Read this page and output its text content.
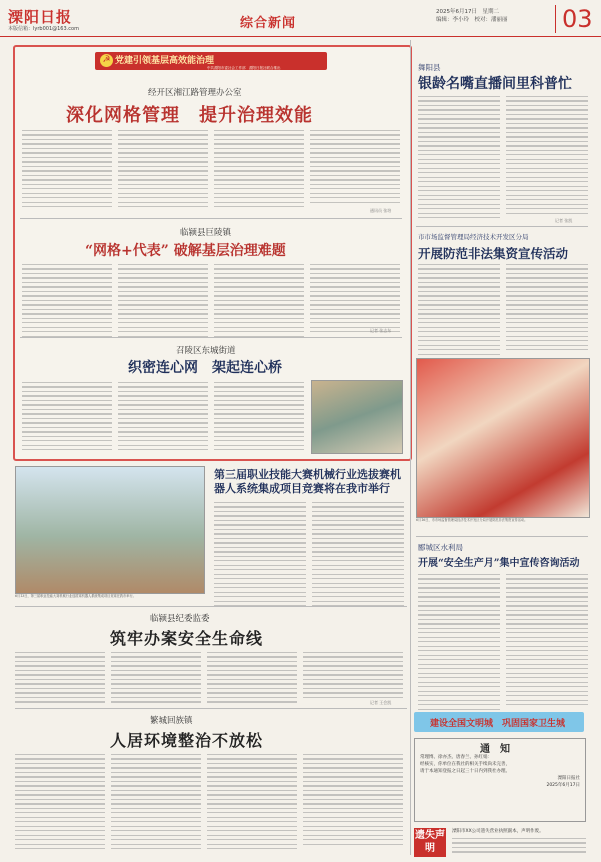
溧阳日报
本版信箱：lyrb001@163.com	综合新闻
2025年6月17日　星期二
编辑：李小玲　校对：潘丽丽 03
☭ 党建引领基层高效能治理
中共溧阳市委社会工作部　溧阳日报社联合推出
经开区湘江路管理办公室
深化网格管理　提升治理效能
通讯员 张培
临颍县巨陵镇
“网格+代表” 破解基层治理难题
记者 张志东
召陵区东城街道
织密连心网　架起连心桥
6月13日，第三届职业技能大赛机械行业选拔赛机器人系统集成项目竞赛在我市举行。
第三届职业技能大赛机械行业选拔赛机器人系统集成项目竞赛将在我市举行
临颍县纪委监委
筑牢办案安全生命线
记者 王会凯
繁城回族镇
人居环境整治不放松
舞阳县
银龄名嘴直播间里科普忙
记者 张凯
市市场监督管理局经济技术开发区分局
开展防范非法集资宣传活动
6月16日，市市场监督管理局经济技术开发区分局开展防范非法集资宣传活动。
郾城区水利局
开展“安全生产月”集中宣传咨询活动
建设全国文明城　巩固国家卫生城
通　知
常理博、徐亦杰、唐春兰、孙红娟：
经核实，你单位在我社的相关手续尚未完善，
请于本通知登报之日起三十日内到我社办理。
溧阳日报社
2025年6月17日
遗失声明
溧阳市XX公司遗失营业执照副本，声明作废。
